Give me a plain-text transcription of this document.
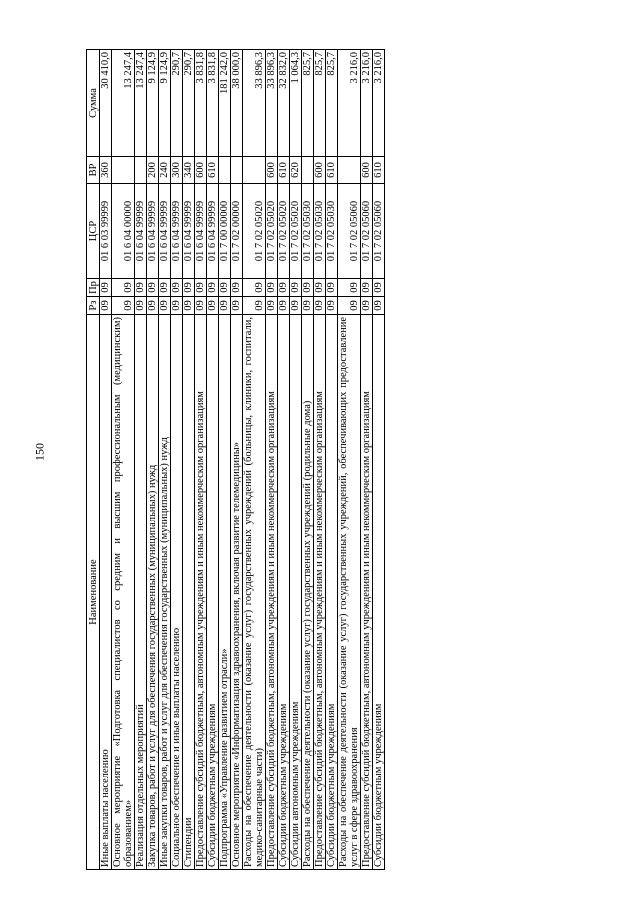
150
Наименование	Рз	Пр	ЦСР	ВР	Сумма
Иные выплаты населению	09	09	01 6 03 99999	360	30 410,0
Основное мероприятие «Подготовка специалистов со средним и высшим профессиональным (медицинским) образованием»	09	09	01 6 04 00000		13 247,4
Реализация отдельных мероприятий	09	09	01 6 04 99999		13 247,4
Закупка товаров, работ и услуг для обеспечения государственных (муниципальных) нужд	09	09	01 6 04 99999	200	9 124,9
Иные закупки товаров, работ и услуг для обеспечения государственных (муниципальных) нужд	09	09	01 6 04 99999	240	9 124,9
Социальное обеспечение и иные выплаты населению	09	09	01 6 04 99999	300	290,7
Стипендии	09	09	01 6 04 99999	340	290,7
Предоставление субсидий бюджетным, автономным учреждениям и иным некоммерческим организациям	09	09	01 6 04 99999	600	3 831,8
Субсидии бюджетным учреждениям	09	09	01 6 04 99999	610	3 831,8
Подпрограмма «Управление развитием отрасли»	09	09	01 7 00 00000		181 242,0
Основное мероприятие «Информатизация здравоохранения, включая развитие телемедицины»	09	09	01 7 02 00000		38 000,0
Расходы на обеспечение деятельности (оказание услуг) государственных учреждений (больницы, клиники, госпитали, медико-санитарные части)	09	09	01 7 02 05020		33 896,3
Предоставление субсидий бюджетным, автономным учреждениям и иным некоммерческим организациям	09	09	01 7 02 05020	600	33 896,3
Субсидии бюджетным учреждениям	09	09	01 7 02 05020	610	32 832,0
Субсидии автономным учреждениям	09	09	01 7 02 05020	620	1 064,3
Расходы на обеспечение деятельности (оказание услуг) государственных учреждений (родильные дома)	09	09	01 7 02 05030		825,7
Предоставление субсидий бюджетным, автономным учреждениям и иным некоммерческим организациям	09	09	01 7 02 05030	600	825,7
Субсидии бюджетным учреждениям	09	09	01 7 02 05030	610	825,7
Расходы на обеспечение деятельности (оказание услуг) государственных учреждений, обеспечивающих предоставление услуг в сфере здравоохранения	09	09	01 7 02 05060		3 216,0
Предоставление субсидий бюджетным, автономным учреждениям и иным некоммерческим организациям	09	09	01 7 02 05060	600	3 216,0
Субсидии бюджетным учреждениям	09	09	01 7 02 05060	610	3 216,0
